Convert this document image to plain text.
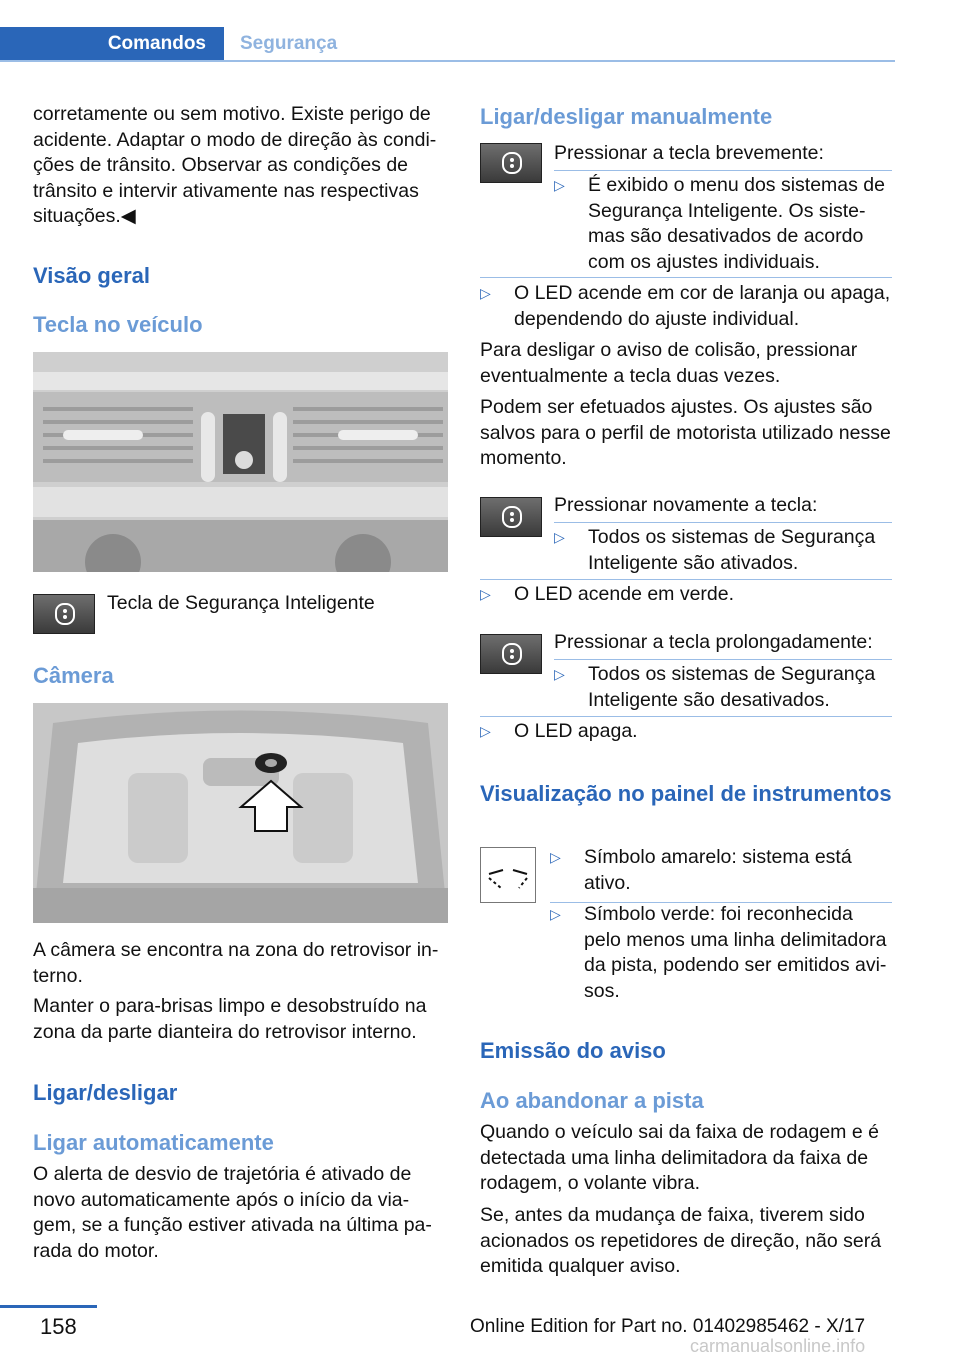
Comandos Segurança

corretamente ou sem motivo. Existe perigo de acidente. Adaptar o modo de direção às condi‐ções de trânsito. Observar as condições de trânsito e intervir ativamente nas respectivas situações.◀

Visão geral
Tecla no veículo

Tecla de Segurança Inteligente

Câmera

A câmera se encontra na zona do retrovisor in‐terno.

Manter o para-brisas limpo e desobstruído na zona da parte dianteira do retrovisor interno.

Ligar/desligar
Ligar automaticamente

O alerta de desvio de trajetória é ativado de novo automaticamente após o início da via‐gem, se a função estiver ativada na última pa‐rada do motor.

Ligar/desligar manualmente

Pressionar a tecla brevemente:

▷ É exibido o menu dos sistemas de Segurança Inteligente. Os siste‐mas são desativados de acordo com os ajustes individuais.

▷ O LED acende em cor de laranja ou apaga, dependendo do ajuste individual.

Para desligar o aviso de colisão, pressionar eventualmente a tecla duas vezes.

Podem ser efetuados ajustes. Os ajustes são salvos para o perfil de motorista utilizado nesse momento.

Pressionar novamente a tecla:

▷ Todos os sistemas de Segurança Inteligente são ativados.

▷ O LED acende em verde.

Pressionar a tecla prolongadamente:

▷ Todos os sistemas de Segurança Inteligente são desativados.

▷ O LED apaga.

Visualização no painel de instrumentos
▷ Símbolo amarelo: sistema está ativo.

▷ Símbolo verde: foi reconhecida pelo menos uma linha delimitadora da pista, podendo ser emitidos avi‐sos.

Emissão do aviso
Ao abandonar a pista

Quando o veículo sai da faixa de rodagem e é detectada uma linha delimitadora da faixa de rodagem, o volante vibra.

Se, antes da mudança de faixa, tiverem sido acionados os repetidores de direção, não será emitida qualquer aviso.

158	Online Edition for Part no. 01402985462 - X/17
carmanualsonline.info
